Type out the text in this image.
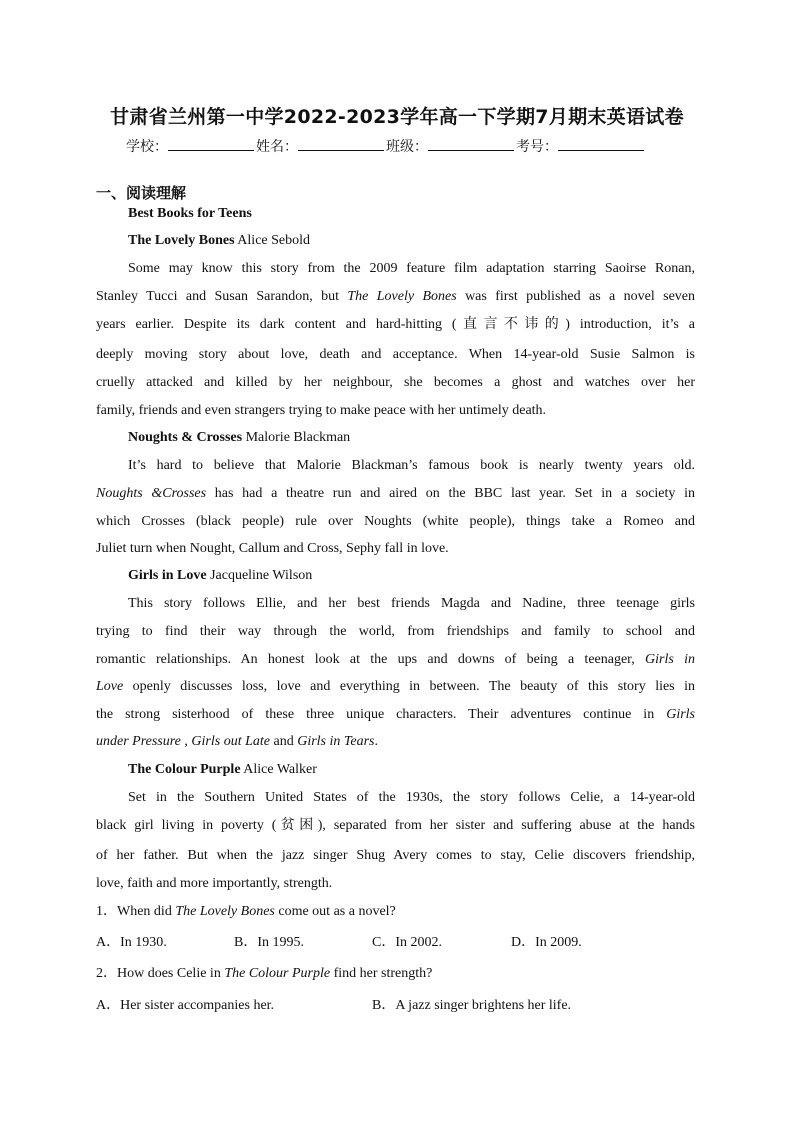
甘肃省兰州第一中学2022-2023学年高一下学期7月期末英语试卷
学校：	姓名：	班级：	考号：
一、阅读理解
Best Books for Teens
The Lovely Bones Alice Sebold
Some may know this story from the 2009 feature film adaptation starring Saoirse Ronan,
Stanley Tucci and Susan Sarandon, but The Lovely Bones was first published as a novel seven
years earlier. Despite its dark content and hard-hitting (直言不讳的) introduction, it’s a
deeply moving story about love, death and acceptance. When 14-year-old Susie Salmon is
cruelly attacked and killed by her neighbour, she becomes a ghost and watches over her
family, friends and even strangers trying to make peace with her untimely death.
Noughts & Crosses Malorie Blackman
It’s hard to believe that Malorie Blackman’s famous book is nearly twenty years old.
Noughts &Crosses has had a theatre run and aired on the BBC last year. Set in a society in
which Crosses (black people) rule over Noughts (white people), things take a Romeo and
Juliet turn when Nought, Callum and Cross, Sephy fall in love.
Girls in Love Jacqueline Wilson
This story follows Ellie, and her best friends Magda and Nadine, three teenage girls
trying to find their way through the world, from friendships and family to school and
romantic relationships. An honest look at the ups and downs of being a teenager, Girls in
Love openly discusses loss, love and everything in between. The beauty of this story lies in
the strong sisterhood of these three unique characters. Their adventures continue in Girls
under Pressure , Girls out Late and Girls in Tears.
The Colour Purple Alice Walker
Set in the Southern United States of the 1930s, the story follows Celie, a 14-year-old
black girl living in poverty (贫困), separated from her sister and suffering abuse at the hands
of her father. But when the jazz singer Shug Avery comes to stay, Celie discovers friendship,
love, faith and more importantly, strength.
1．When did The Lovely Bones come out as a novel?
A．In 1930.	B．In 1995.	C．In 2002.	D．In 2009.
2．How does Celie in The Colour Purple find her strength?
A．Her sister accompanies her.	B．A jazz singer brightens her life.
